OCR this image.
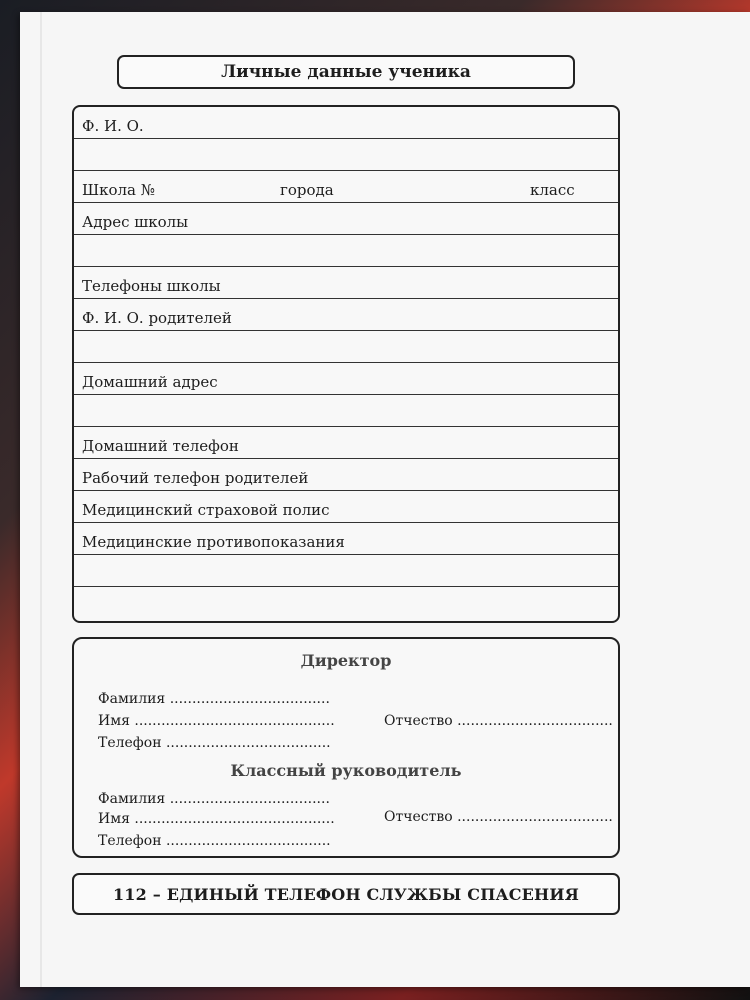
Личные данные ученика
Ф. И. О.
Школа №	города	класс
Адрес школы
Телефоны школы
Ф. И. О. родителей
Домашний адрес
Домашний телефон
Рабочий телефон родителей
Медицинский страховой полис
Медицинские противопоказания
Директор
Фамилия ....................................
Имя .............................................	Отчество ...................................
Телефон .....................................
Классный руководитель
Фамилия ....................................
Имя .............................................	Отчество ...................................
Телефон .....................................
112 – ЕДИНЫЙ ТЕЛЕФОН СЛУЖБЫ СПАСЕНИЯ
